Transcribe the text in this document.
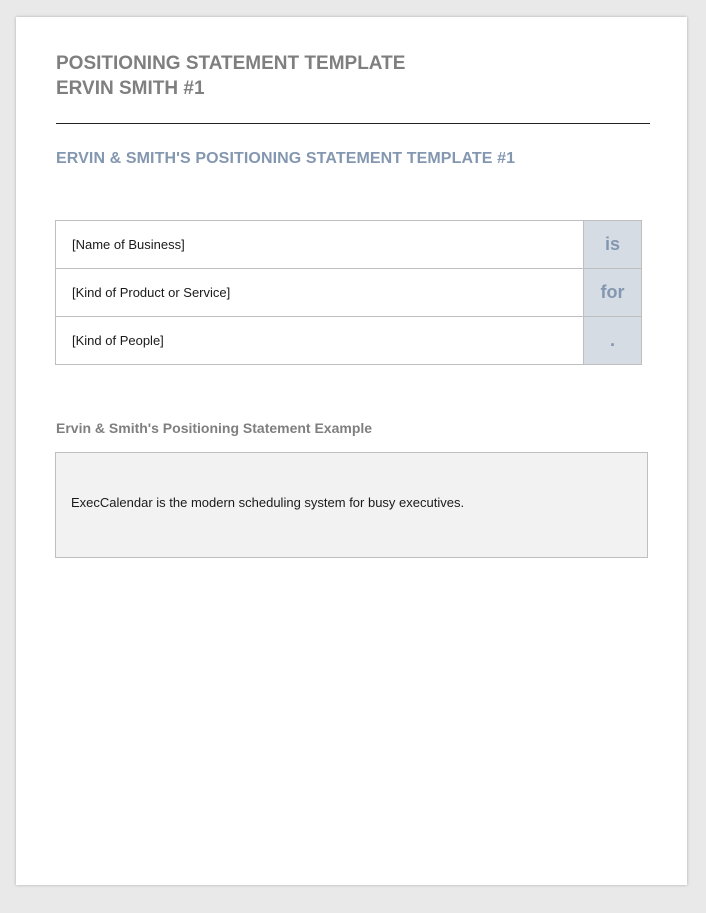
POSITIONING STATEMENT TEMPLATE
ERVIN SMITH #1
ERVIN & SMITH'S POSITIONING STATEMENT TEMPLATE #1
[Name of Business]	is
[Kind of Product or Service]	for
[Kind of People]	.
Ervin & Smith's Positioning Statement Example
ExecCalendar is the modern scheduling system for busy executives.
